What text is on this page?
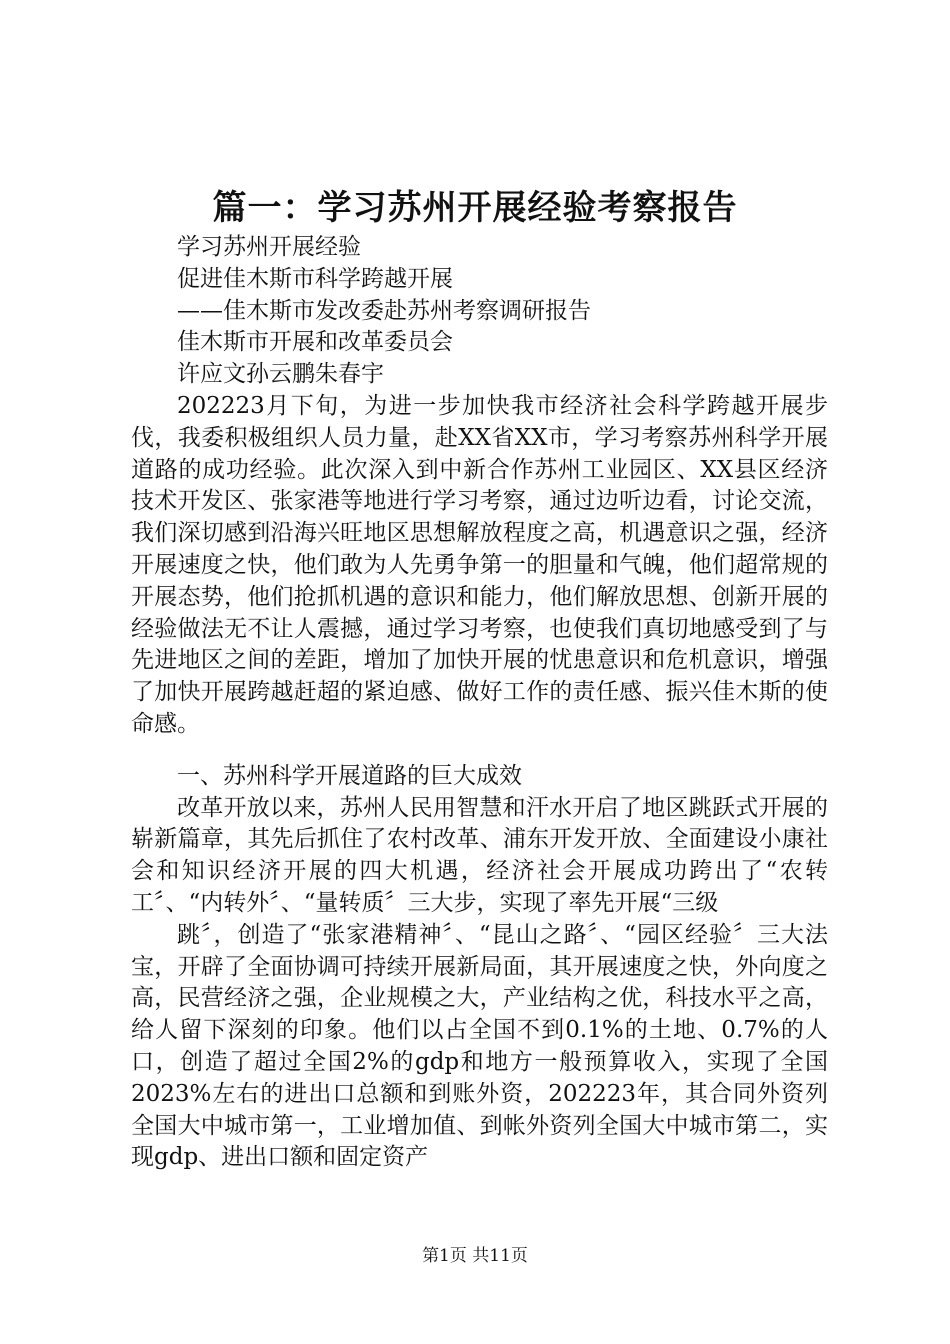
篇一：学习苏州开展经验考察报告

学习苏州开展经验

促进佳木斯市科学跨越开展

——佳木斯市发改委赴苏州考察调研报告

佳木斯市开展和改革委员会

许应文孙云鹏朱春宇

202223月下旬，为进一步加快我市经济社会科学跨越开展步伐，我委积极组织人员力量，赴XX省XX市，学习考察苏州科学开展道路的成功经验。此次深入到中新合作苏州工业园区、XX县区经济技术开发区、张家港等地进行学习考察，通过边听边看，讨论交流，我们深切感到沿海兴旺地区思想解放程度之高，机遇意识之强，经济开展速度之快，他们敢为人先勇争第一的胆量和气魄，他们超常规的开展态势，他们抢抓机遇的意识和能力，他们解放思想、创新开展的经验做法无不让人震撼，通过学习考察，也使我们真切地感受到了与先进地区之间的差距，增加了加快开展的忧患意识和危机意识，增强了加快开展跨越赶超的紧迫感、做好工作的责任感、振兴佳木斯的使命感。

一、苏州科学开展道路的巨大成效

改革开放以来，苏州人民用智慧和汗水开启了地区跳跃式开展的崭新篇章，其先后抓住了农村改革、浦东开发开放、全面建设小康社会和知识经济开展的四大机遇，经济社会开展成功跨出了“农转工〞、“内转外〞、“量转质〞三大步，实现了率先开展“三级

跳〞，创造了“张家港精神〞、“昆山之路〞、“园区经验〞三大法宝，开辟了全面协调可持续开展新局面，其开展速度之快，外向度之高，民营经济之强，企业规模之大，产业结构之优，科技水平之高，给人留下深刻的印象。他们以占全国不到0.1%的土地、0.7%的人口，创造了超过全国2%的gdp和地方一般预算收入，实现了全国2023%左右的进出口总额和到账外资，202223年，其合同外资列全国大中城市第一，工业增加值、到帐外资列全国大中城市第二，实现gdp、进出口额和固定资产

第1页 共11页
